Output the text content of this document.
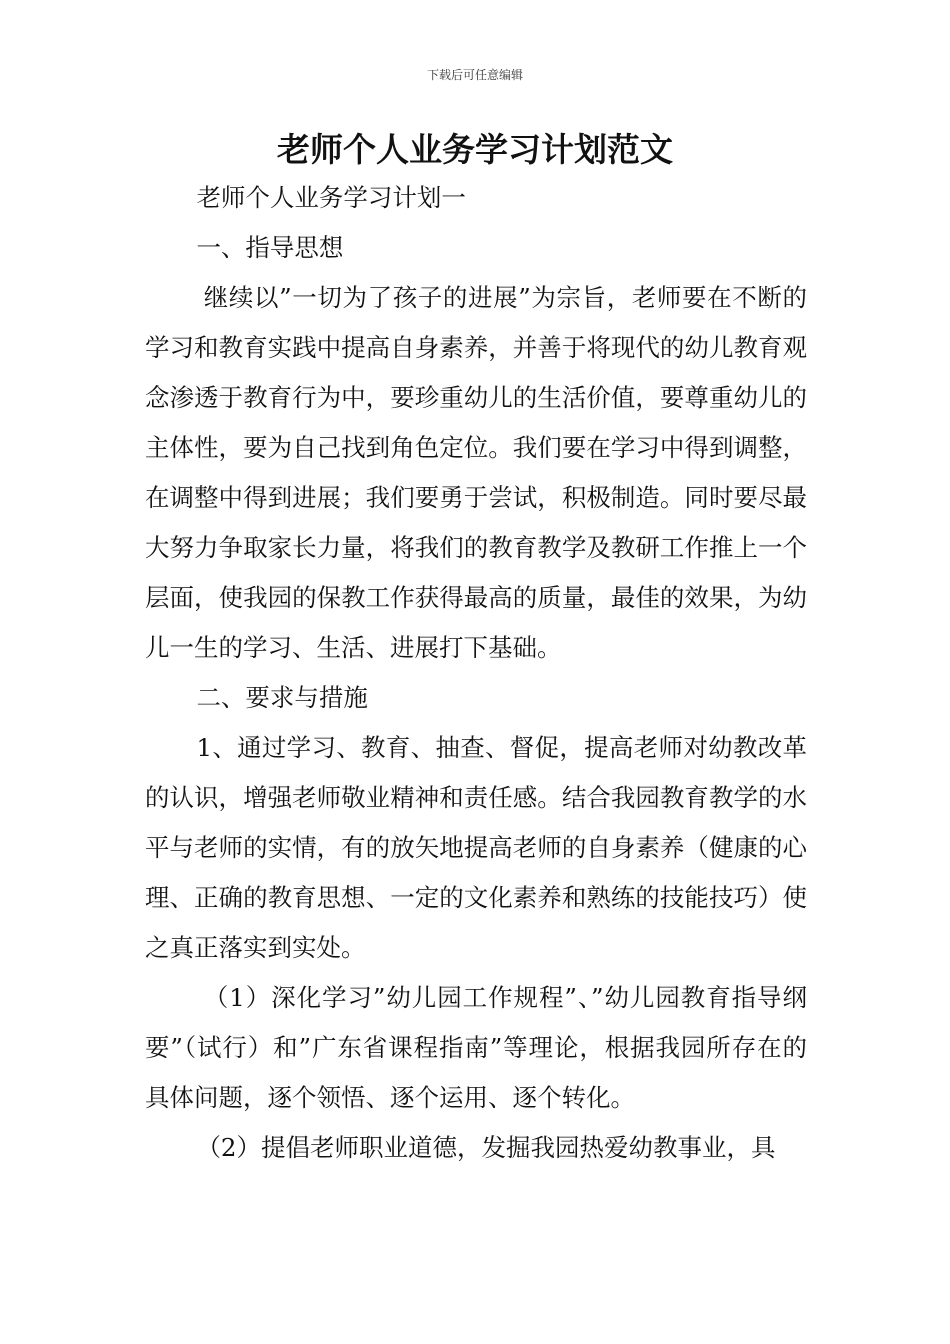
下载后可任意编辑
老师个人业务学习计划范文

老师个人业务学习计划一

一、指导思想

继续以”一切为了孩子的进展”为宗旨，老师要在不断的学习和教育实践中提高自身素养，并善于将现代的幼儿教育观念渗透于教育行为中，要珍重幼儿的生活价值，要尊重幼儿的主体性，要为自己找到角色定位。我们要在学习中得到调整，在调整中得到进展；我们要勇于尝试，积极制造。同时要尽最大努力争取家长力量，将我们的教育教学及教研工作推上一个层面，使我园的保教工作获得最高的质量，最佳的效果，为幼儿一生的学习、生活、进展打下基础。

二、要求与措施

1、通过学习、教育、抽查、督促，提高老师对幼教改革的认识，增强老师敬业精神和责任感。结合我园教育教学的水平与老师的实情，有的放矢地提高老师的自身素养（健康的心理、正确的教育思想、一定的文化素养和熟练的技能技巧）使之真正落实到实处。

（1）深化学习”幼儿园工作规程”、”幼儿园教育指导纲要”（试行）和”广东省课程指南”等理论，根据我园所存在的具体问题，逐个领悟、逐个运用、逐个转化。

（2）提倡老师职业道德，发掘我园热爱幼教事业，具
